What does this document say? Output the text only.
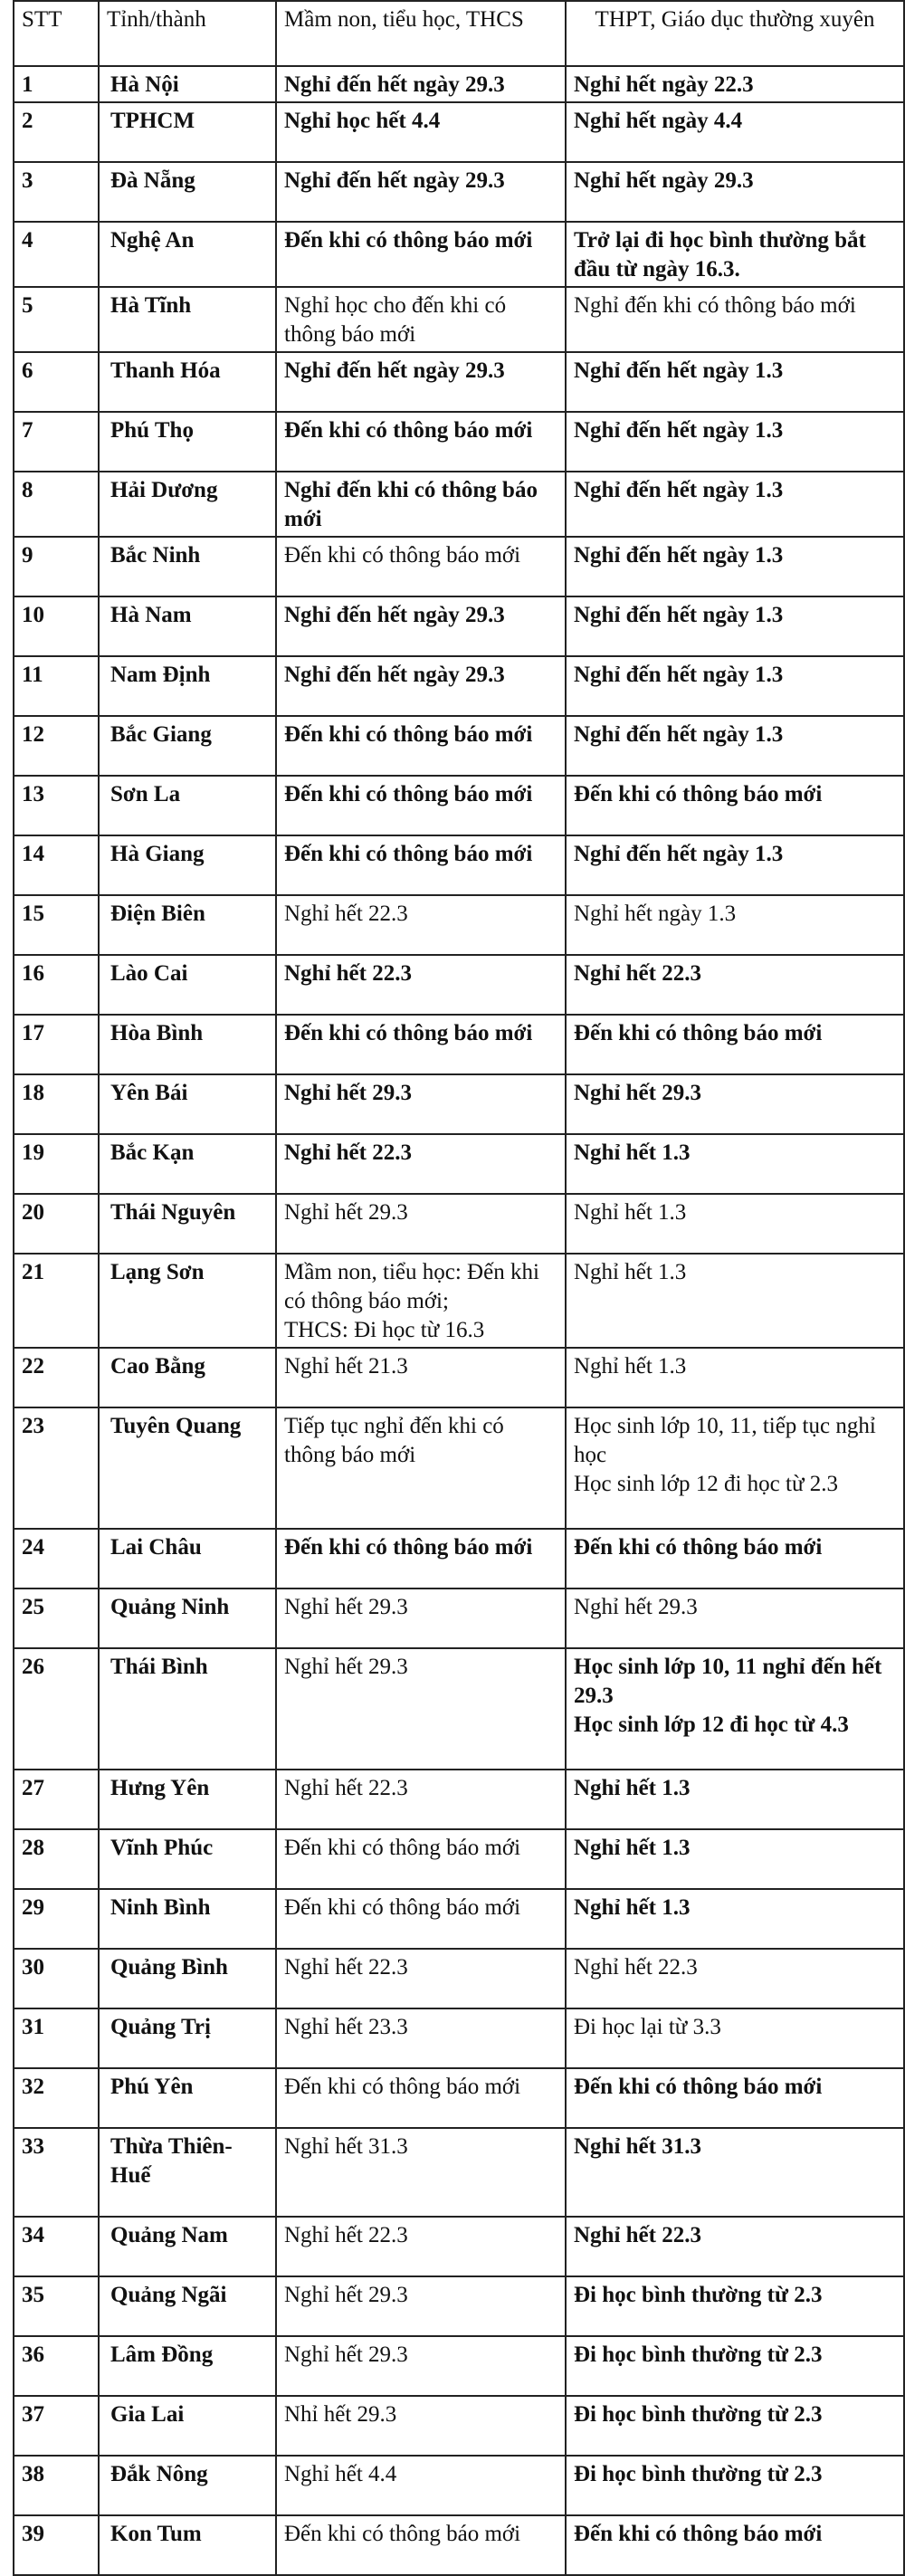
STT	Tỉnh/thành	Mầm non, tiểu học, THCS	THPT, Giáo dục thường xuyên
1	Hà Nội	Nghỉ đến hết ngày 29.3	Nghỉ hết ngày 22.3
2	TPHCM	Nghỉ học hết 4.4	Nghỉ hết ngày 4.4
3	Đà Nẵng	Nghỉ đến hết ngày 29.3	Nghỉ hết ngày 29.3
4	Nghệ An	Đến khi có thông báo mới	Trở lại đi học bình thường bắt đầu từ ngày 16.3.
5	Hà Tĩnh	Nghỉ học cho đến khi có thông báo mới	Nghỉ đến khi có thông báo mới
6	Thanh Hóa	Nghỉ đến hết ngày 29.3	Nghỉ đến hết ngày 1.3
7	Phú Thọ	Đến khi có thông báo mới	Nghỉ đến hết ngày 1.3
8	Hải Dương	Nghỉ đến khi có thông báo mới	Nghỉ đến hết ngày 1.3
9	Bắc Ninh	Đến khi có thông báo mới	Nghỉ đến hết ngày 1.3
10	Hà Nam	Nghỉ đến hết ngày 29.3	Nghỉ đến hết ngày 1.3
11	Nam Định	Nghỉ đến hết ngày 29.3	Nghỉ đến hết ngày 1.3
12	Bắc Giang	Đến khi có thông báo mới	Nghỉ đến hết ngày 1.3
13	Sơn La	Đến khi có thông báo mới	Đến khi có thông báo mới
14	Hà Giang	Đến khi có thông báo mới	Nghỉ đến hết ngày 1.3
15	Điện Biên	Nghỉ hết 22.3	Nghỉ hết ngày 1.3
16	Lào Cai	Nghỉ hết 22.3	Nghỉ hết 22.3
17	Hòa Bình	Đến khi có thông báo mới	Đến khi có thông báo mới
18	Yên Bái	Nghỉ hết 29.3	Nghỉ hết 29.3
19	Bắc Kạn	Nghỉ hết 22.3	Nghỉ hết 1.3
20	Thái Nguyên	Nghỉ hết 29.3	Nghỉ hết 1.3
21	Lạng Sơn	Mầm non, tiểu học: Đến khi có thông báo mới;
THCS: Đi học từ 16.3	Nghỉ hết 1.3
22	Cao Bằng	Nghỉ hết 21.3	Nghỉ hết 1.3
23	Tuyên Quang	Tiếp tục nghỉ đến khi có thông báo mới	Học sinh lớp 10, 11, tiếp tục nghỉ học
Học sinh lớp 12 đi học từ 2.3
24	Lai Châu	Đến khi có thông báo mới	Đến khi có thông báo mới
25	Quảng Ninh	Nghỉ hết 29.3	Nghỉ hết 29.3
26	Thái Bình	Nghỉ hết 29.3	Học sinh lớp 10, 11 nghỉ đến hết 29.3
Học sinh lớp 12 đi học từ 4.3
27	Hưng Yên	Nghỉ hết 22.3	Nghỉ hết 1.3
28	Vĩnh Phúc	Đến khi có thông báo mới	Nghỉ hết 1.3
29	Ninh Bình	Đến khi có thông báo mới	Nghỉ hết 1.3
30	Quảng Bình	Nghỉ hết 22.3	Nghỉ hết 22.3
31	Quảng Trị	Nghỉ hết 23.3	Đi học lại từ 3.3
32	Phú Yên	Đến khi có thông báo mới	Đến khi có thông báo mới
33	Thừa Thiên-Huế	Nghỉ hết 31.3	Nghỉ hết 31.3
34	Quảng Nam	Nghỉ hết 22.3	Nghỉ hết 22.3
35	Quảng Ngãi	Nghỉ hết 29.3	Đi học bình thường từ 2.3
36	Lâm Đồng	Nghỉ hết 29.3	Đi học bình thường từ 2.3
37	Gia Lai	Nhỉ hết 29.3	Đi học bình thường từ 2.3
38	Đắk Nông	Nghỉ hết 4.4	Đi học bình thường từ 2.3
39	Kon Tum	Đến khi có thông báo mới	Đến khi có thông báo mới
